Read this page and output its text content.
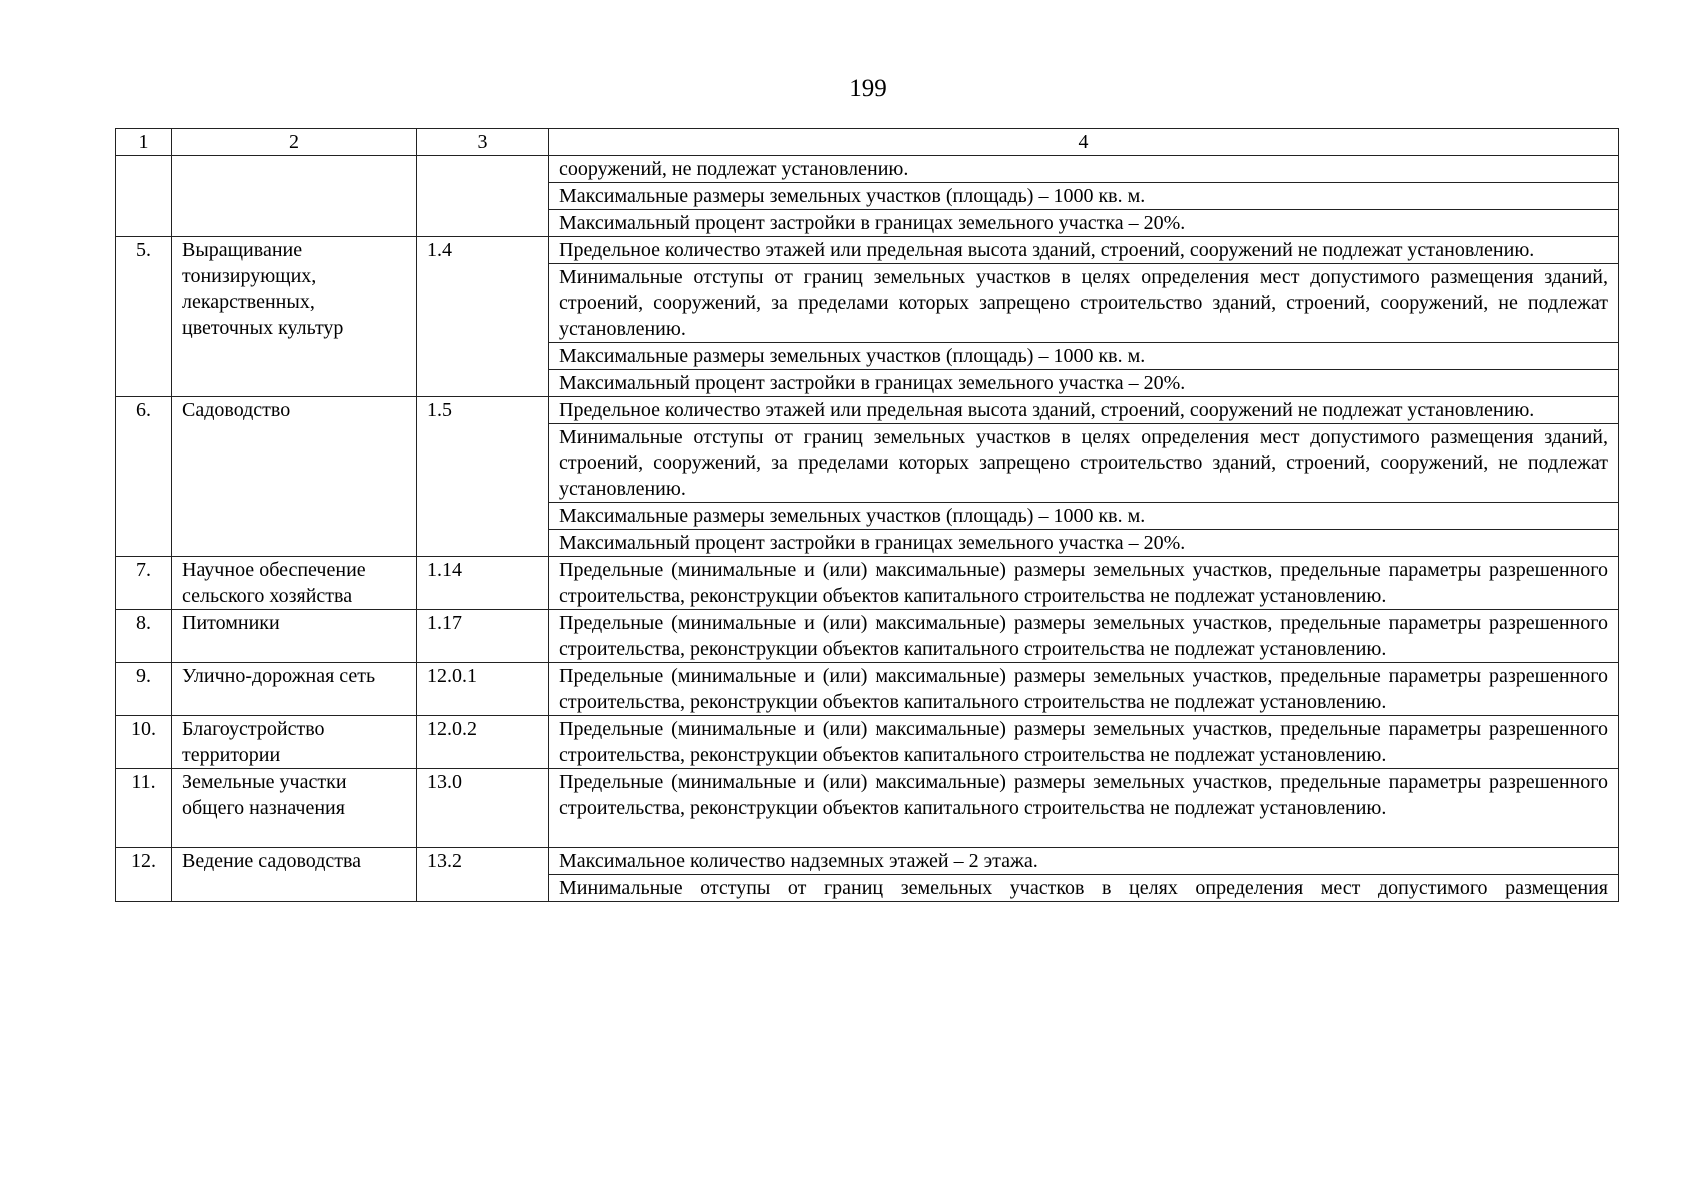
199
1	2	3	4
			сооружений, не подлежат установлению.
			Максимальные размеры земельных участков (площадь) – 1000 кв. м.
			Максимальный процент застройки в границах земельного участка – 20%.
5.	Выращивание тонизирующих, лекарственных, цветочных культур	1.4	Предельное количество этажей или предельная высота зданий, строений, сооружений не подлежат установлению.
			Минимальные отступы от границ земельных участков в целях определения мест допустимого размещения зданий, строений, сооружений, за пределами которых запрещено строительство зданий, строений, сооружений, не подлежат установлению.
			Максимальные размеры земельных участков (площадь) – 1000 кв. м.
			Максимальный процент застройки в границах земельного участка – 20%.
6.	Садоводство	1.5	Предельное количество этажей или предельная высота зданий, строений, сооружений не подлежат установлению.
			Минимальные отступы от границ земельных участков в целях определения мест допустимого размещения зданий, строений, сооружений, за пределами которых запрещено строительство зданий, строений, сооружений, не подлежат установлению.
			Максимальные размеры земельных участков (площадь) – 1000 кв. м.
			Максимальный процент застройки в границах земельного участка – 20%.
7.	Научное обеспечение сельского хозяйства	1.14	Предельные (минимальные и (или) максимальные) размеры земельных участков, предельные параметры разрешенного строительства, реконструкции объектов капитального строительства не подлежат установлению.
8.	Питомники	1.17	Предельные (минимальные и (или) максимальные) размеры земельных участков, предельные параметры разрешенного строительства, реконструкции объектов капитального строительства не подлежат установлению.
9.	Улично-дорожная сеть	12.0.1	Предельные (минимальные и (или) максимальные) размеры земельных участков, предельные параметры разрешенного строительства, реконструкции объектов капитального строительства не подлежат установлению.
10.	Благоустройство территории	12.0.2	Предельные (минимальные и (или) максимальные) размеры земельных участков, предельные параметры разрешенного строительства, реконструкции объектов капитального строительства не подлежат установлению.
11.	Земельные участки общего назначения	13.0	Предельные (минимальные и (или) максимальные) размеры земельных участков, предельные параметры разрешенного строительства, реконструкции объектов капитального строительства не подлежат установлению.
12.	Ведение садоводства	13.2	Максимальное количество надземных этажей – 2 этажа.
			Минимальные отступы от границ земельных участков в целях определения мест допустимого размещения
